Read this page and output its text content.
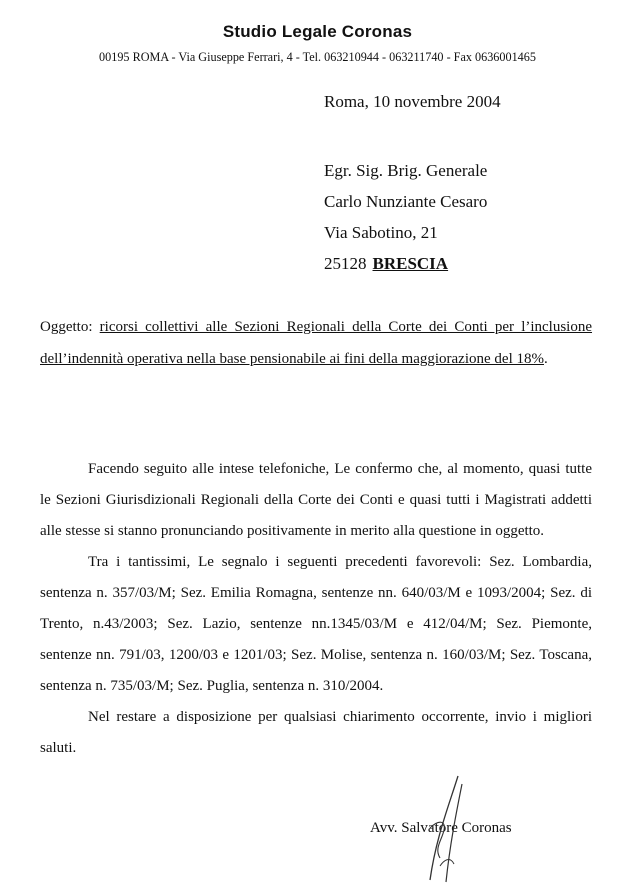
Studio Legale Coronas
00195 ROMA - Via Giuseppe Ferrari, 4 - Tel. 063210944 - 063211740 - Fax 0636001465
Roma, 10 novembre 2004
Egr. Sig. Brig. Generale
Carlo Nunziante Cesaro
Via Sabotino, 21
25128 BRESCIA
Oggetto: ricorsi collettivi alle Sezioni Regionali della Corte dei Conti per l’inclusione dell’indennità operativa nella base pensionabile ai fini della maggiorazione del 18%.

Facendo seguito alle intese telefoniche, Le confermo che, al momento, quasi tutte le Sezioni Giurisdizionali Regionali della Corte dei Conti e quasi tutti i Magistrati addetti alle stesse si stanno pronunciando positivamente in merito alla questione in oggetto.

Tra i tantissimi, Le segnalo i seguenti precedenti favorevoli: Sez. Lombardia, sentenza n. 357/03/M; Sez. Emilia Romagna, sentenze nn. 640/03/M e 1093/2004; Sez. di Trento, n.43/2003; Sez. Lazio, sentenze nn.1345/03/M e 412/04/M; Sez. Piemonte, sentenze nn. 791/03, 1200/03 e 1201/03; Sez. Molise, sentenza n. 160/03/M; Sez. Toscana, sentenza n. 735/03/M; Sez. Puglia, sentenza n. 310/2004.

Nel restare a disposizione per qualsiasi chiarimento occorrente, invio i migliori saluti.

Avv. Salvatore Coronas
